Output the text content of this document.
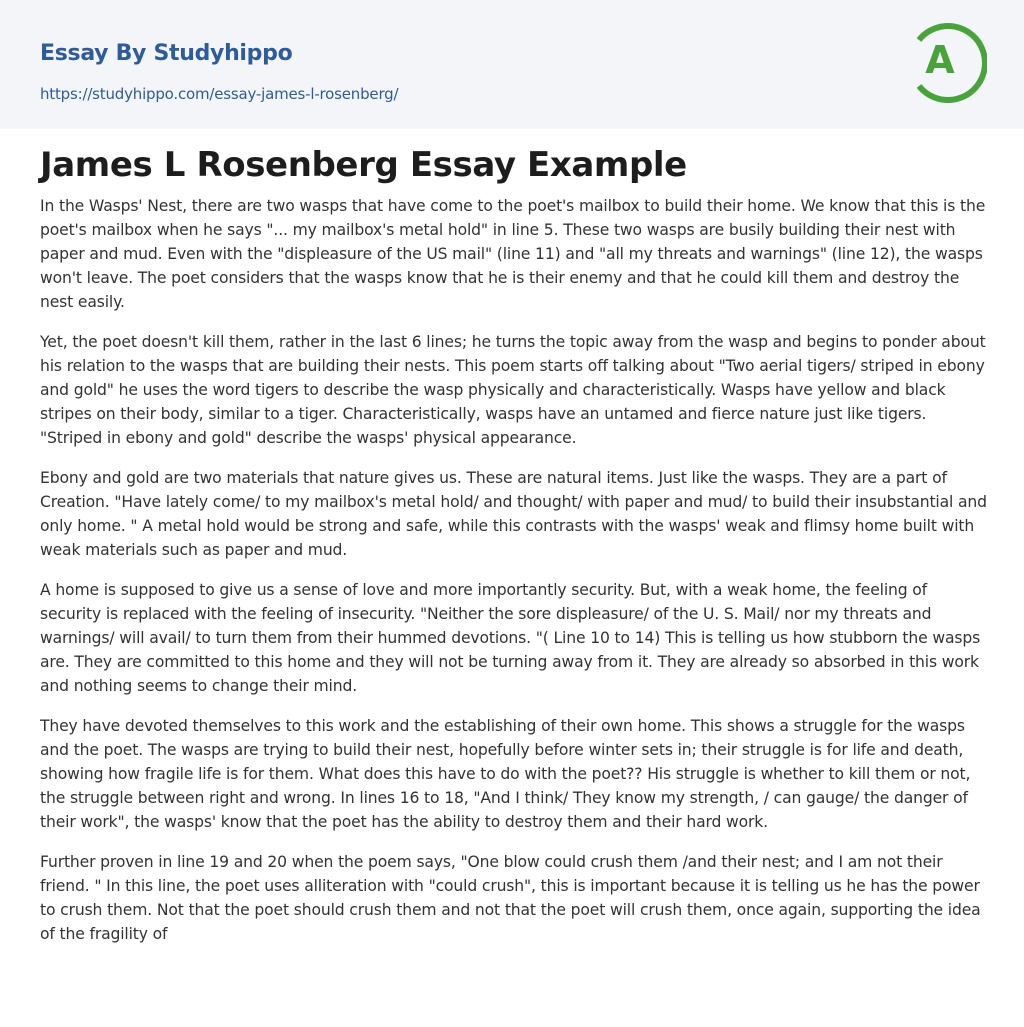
Essay By Studyhippo
https://studyhippo.com/essay-james-l-rosenberg/
A
James L Rosenberg Essay Example

In the Wasps' Nest, there are two wasps that have come to the poet's mailbox to build their home. We know that this is the poet's mailbox when he says "... my mailbox's metal hold" in line 5. These two wasps are busily building their nest with paper and mud. Even with the "displeasure of the US mail" (line 11) and "all my threats and warnings" (line 12), the wasps won't leave. The poet considers that the wasps know that he is their enemy and that he could kill them and destroy the nest easily.

Yet, the poet doesn't kill them, rather in the last 6 lines; he turns the topic away from the wasp and begins to ponder about his relation to the wasps that are building their nests. This poem starts off talking about "Two aerial tigers/ striped in ebony and gold" he uses the word tigers to describe the wasp physically and characteristically. Wasps have yellow and black stripes on their body, similar to a tiger. Characteristically, wasps have an untamed and fierce nature just like tigers. "Striped in ebony and gold" describe the wasps' physical appearance.

Ebony and gold are two materials that nature gives us. These are natural items. Just like the wasps. They are a part of Creation. "Have lately come/ to my mailbox's metal hold/ and thought/ with paper and mud/ to build their insubstantial and only home. " A metal hold would be strong and safe, while this contrasts with the wasps' weak and flimsy home built with weak materials such as paper and mud.

A home is supposed to give us a sense of love and more importantly security. But, with a weak home, the feeling of security is replaced with the feeling of insecurity. "Neither the sore displeasure/ of the U. S. Mail/ nor my threats and warnings/ will avail/ to turn them from their hummed devotions. "( Line 10 to 14) This is telling us how stubborn the wasps are. They are committed to this home and they will not be turning away from it. They are already so absorbed in this work and nothing seems to change their mind.

They have devoted themselves to this work and the establishing of their own home. This shows a struggle for the wasps and the poet. The wasps are trying to build their nest, hopefully before winter sets in; their struggle is for life and death, showing how fragile life is for them. What does this have to do with the poet?? His struggle is whether to kill them or not, the struggle between right and wrong. In lines 16 to 18, "And I think/ They know my strength, / can gauge/ the danger of their work", the wasps' know that the poet has the ability to destroy them and their hard work.

Further proven in line 19 and 20 when the poem says, "One blow could crush them /and their nest; and I am not their friend. " In this line, the poet uses alliteration with "could crush", this is important because it is telling us he has the power to crush them. Not that the poet should crush them and not that the poet will crush them, once again, supporting the idea of the fragility of
